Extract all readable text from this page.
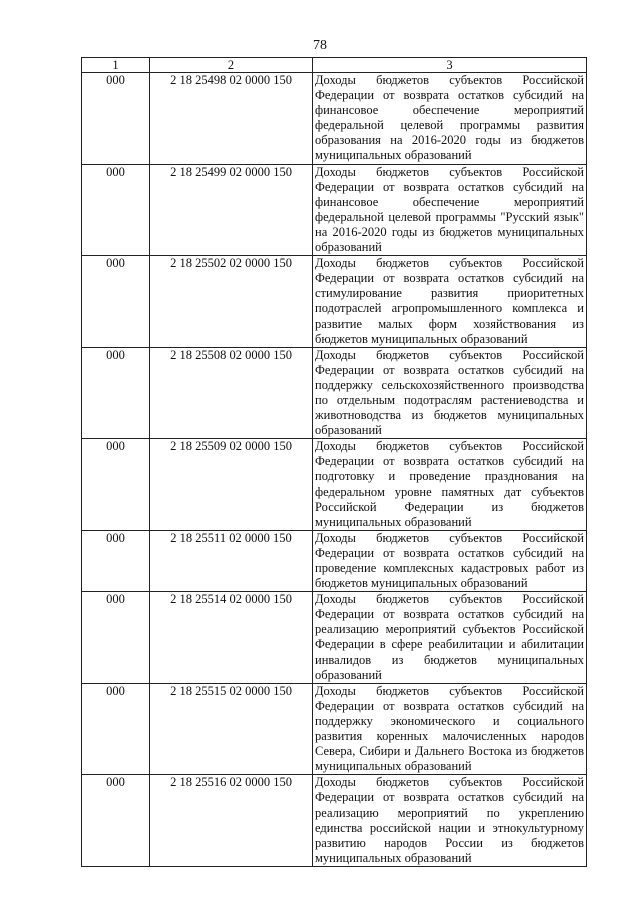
78
1	2	3
000	2 18 25498 02 0000 150	Доходы бюджетов субъектов Российской Федерации от возврата остатков субсидий на финансовое обеспечение мероприятий федеральной целевой программы развития образования на 2016-2020 годы из бюджетов муниципальных образований
000	2 18 25499 02 0000 150	Доходы бюджетов субъектов Российской Федерации от возврата остатков субсидий на финансовое обеспечение мероприятий федеральной целевой программы "Русский язык" на 2016-2020 годы из бюджетов муниципальных образований
000	2 18 25502 02 0000 150	Доходы бюджетов субъектов Российской Федерации от возврата остатков субсидий на стимулирование развития приоритетных подотраслей агропромышленного комплекса и развитие малых форм хозяйствования из бюджетов муниципальных образований
000	2 18 25508 02 0000 150	Доходы бюджетов субъектов Российской Федерации от возврата остатков субсидий на поддержку сельскохозяйственного производства по отдельным подотраслям растениеводства и животноводства из бюджетов муниципальных образований
000	2 18 25509 02 0000 150	Доходы бюджетов субъектов Российской Федерации от возврата остатков субсидий на подготовку и проведение празднования на федеральном уровне памятных дат субъектов Российской Федерации из бюджетов муниципальных образований
000	2 18 25511 02 0000 150	Доходы бюджетов субъектов Российской Федерации от возврата остатков субсидий на проведение комплексных кадастровых работ из бюджетов муниципальных образований
000	2 18 25514 02 0000 150	Доходы бюджетов субъектов Российской Федерации от возврата остатков субсидий на реализацию мероприятий субъектов Российской Федерации в сфере реабилитации и абилитации инвалидов из бюджетов муниципальных образований
000	2 18 25515 02 0000 150	Доходы бюджетов субъектов Российской Федерации от возврата остатков субсидий на поддержку экономического и социального развития коренных малочисленных народов Севера, Сибири и Дальнего Востока из бюджетов муниципальных образований
000	2 18 25516 02 0000 150	Доходы бюджетов субъектов Российской Федерации от возврата остатков субсидий на реализацию мероприятий по укреплению единства российской нации и этнокультурному развитию народов России из бюджетов муниципальных образований
